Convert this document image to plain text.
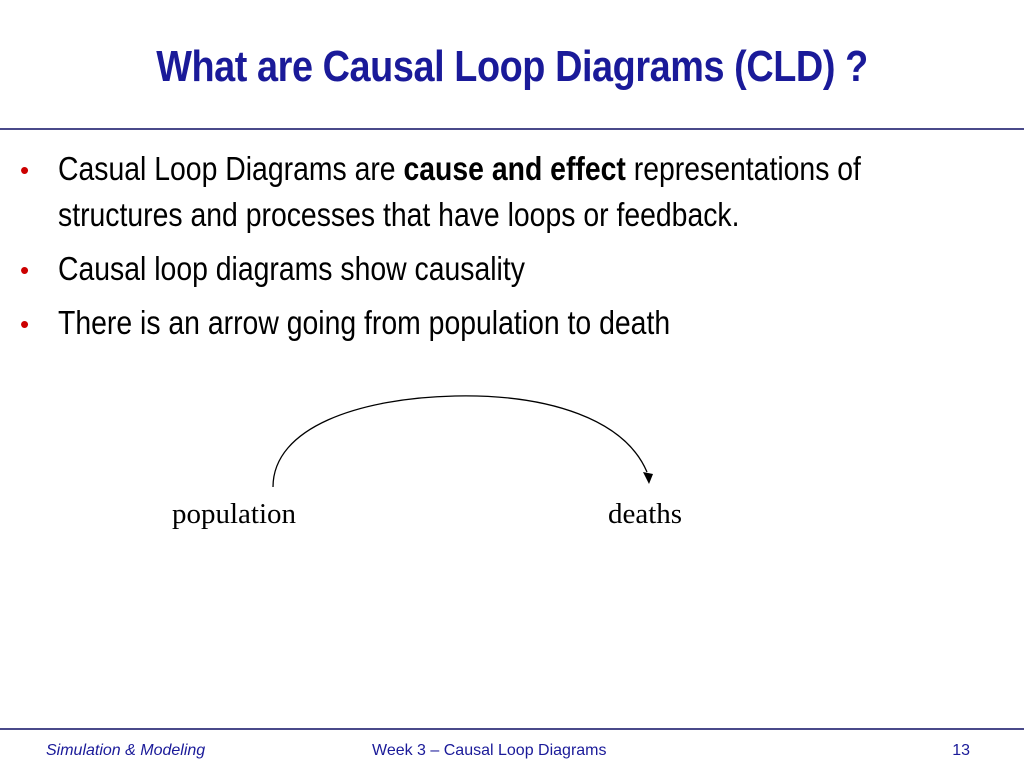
What are Causal Loop Diagrams (CLD) ?
• Casual Loop Diagrams are cause and effect representations of structures and processes that have loops or feedback.
• Causal loop diagrams show causality
• There is an arrow going from population to death
population	deaths
Simulation & Modeling	Week 3 – Causal Loop Diagrams	13
